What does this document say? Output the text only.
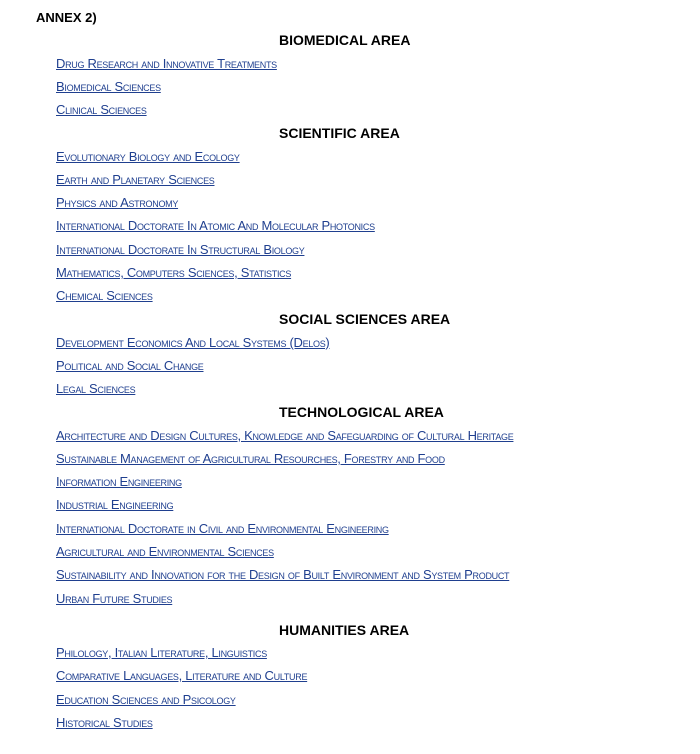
ANNEX 2)
BIOMEDICAL AREA
Drug Research and Innovative Treatments
Biomedical Sciences
Clinical Sciences
SCIENTIFIC AREA
Evolutionary Biology and Ecology
Earth and Planetary Sciences
Physics and Astronomy
International Doctorate In Atomic And Molecular Photonics
International Doctorate In Structural Biology
Mathematics, Computers Sciences, Statistics
Chemical Sciences
SOCIAL SCIENCES AREA
Development Economics And Local Systems (Delos)
Political and Social Change
Legal Sciences
TECHNOLOGICAL AREA
Architecture and Design Cultures, Knowledge and Safeguarding of Cultural Heritage
Sustainable Management of Agricultural Resourches, Forestry and Food
Information Engineering
Industrial Engineering
International Doctorate in Civil and Environmental Engineering
Agricultural and Environmental Sciences
Sustainability and Innovation for the Design of Built Environment and System Product
Urban Future Studies
HUMANITIES AREA
Philology, Italian Literature, Linguistics
Comparative Languages, Literature and Culture
Education Sciences and Psicology
Historical Studies
